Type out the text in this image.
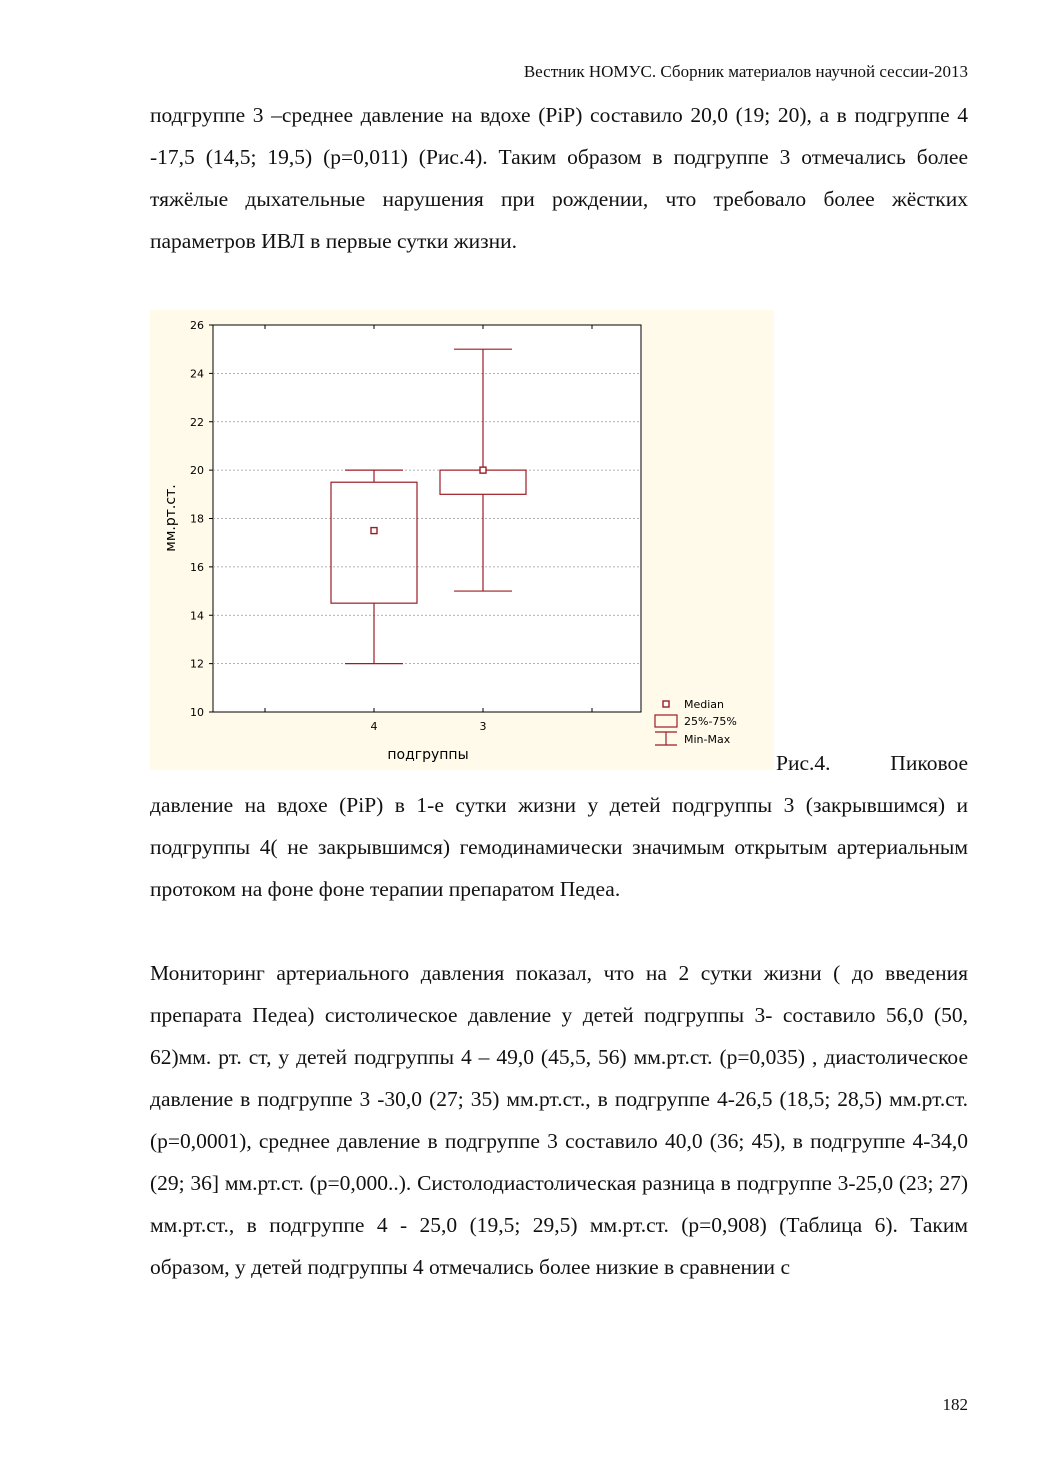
Вестник НОМУС. Сборник материалов научной сессии-2013
подгруппе 3 –среднее давление на вдохе (PiP) составило 20,0 (19; 20), а в подгруппе 4 -17,5 (14,5; 19,5) (р=0,011) (Рис.4). Таким образом в подгруппе 3 отмечались более тяжёлые дыхательные нарушения при рождении, что требовало более жёстких параметров ИВЛ в первые сутки жизни.
10
12
14
16
18
20
22
24
26
4	3
подгруппы
мм.рт.ст.
Median
25%-75%
Min-Max
Рис.4. Пиковое
давление на вдохе (PiP) в 1-е сутки жизни у детей подгруппы 3 (закрывшимся) и подгруппы 4( не закрывшимся) гемодинамически значимым открытым артериальным протоком на фоне фоне терапии препаратом Педеа.
Мониторинг артериального давления показал, что на 2 сутки жизни ( до введения препарата Педеа) систолическое давление у детей подгруппы 3- составило 56,0 (50, 62)мм. рт. ст, у детей подгруппы 4 – 49,0 (45,5, 56) мм.рт.ст. (р=0,035) , диастолическое давление в подгруппе 3 -30,0 (27; 35) мм.рт.ст., в подгруппе 4-26,5 (18,5; 28,5) мм.рт.ст. (р=0,0001), среднее давление в подгруппе 3 составило 40,0 (36; 45), в подгруппе 4-34,0 (29; 36] мм.рт.ст. (р=0,000..). Систолодиастолическая разница в подгруппе 3-25,0 (23; 27) мм.рт.ст., в подгруппе 4 - 25,0 (19,5; 29,5) мм.рт.ст. (р=0,908) (Таблица 6). Таким образом, у детей подгруппы 4 отмечались более низкие в сравнении с
182
